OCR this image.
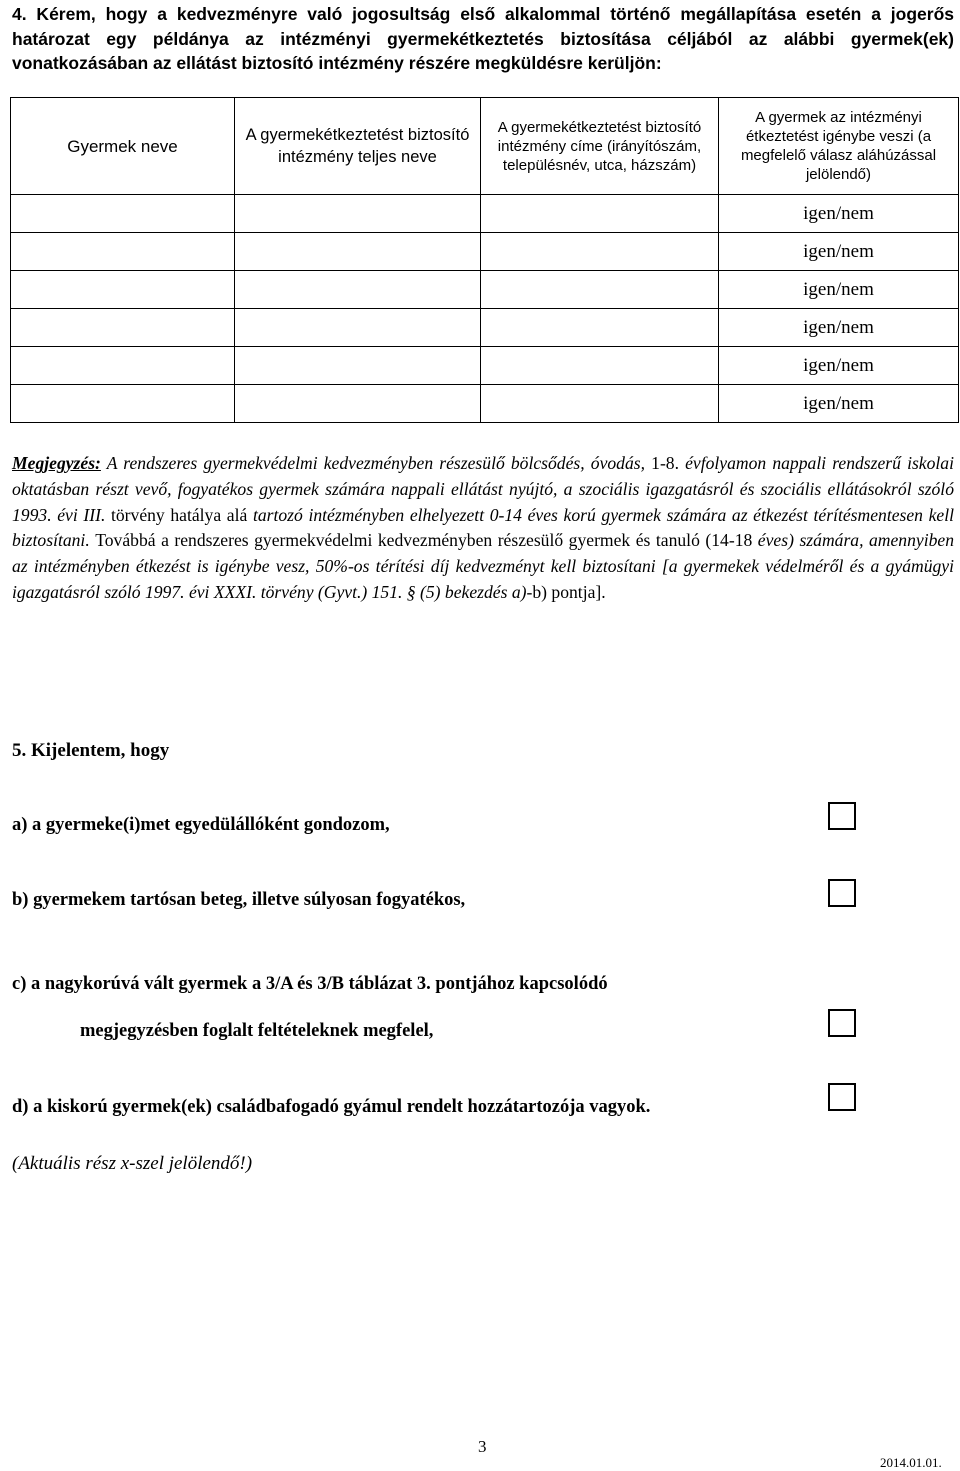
4. Kérem, hogy a kedvezményre való jogosultság első alkalommal történő megállapítása esetén a jogerős határozat egy példánya az intézményi gyermekétkeztetés biztosítása céljából az alábbi gyermek(ek) vonatkozásában az ellátást biztosító intézmény részére megküldésre kerüljön:
Gyermek neve	A gyermekétkeztetést biztosító intézmény teljes neve	A gyermekétkeztetést biztosító intézmény címe (irányítószám, településnév, utca, házszám)	A gyermek az intézményi étkeztetést igénybe veszi (a megfelelő válasz aláhúzással jelölendő)
			igen/nem
			igen/nem
			igen/nem
			igen/nem
			igen/nem
			igen/nem
Megjegyzés: A rendszeres gyermekvédelmi kedvezményben részesülő bölcsődés, óvodás, 1-8. évfolyamon nappali rendszerű iskolai oktatásban részt vevő, fogyatékos gyermek számára nappali ellátást nyújtó, a szociális igazgatásról és szociális ellátásokról szóló 1993. évi III. törvény hatálya alá tartozó intézményben elhelyezett 0-14 éves korú gyermek számára az étkezést térítésmentesen kell biztosítani. Továbbá a rendszeres gyermekvédelmi kedvezményben részesülő gyermek és tanuló (14-18 éves) számára, amennyiben az intézményben étkezést is igénybe vesz, 50%-os térítési díj kedvezményt kell biztosítani [a gyermekek védelméről és a gyámügyi igazgatásról szóló 1997. évi XXXI. törvény (Gyvt.) 151. § (5) bekezdés a)-b) pontja].
5. Kijelentem, hogy
a) a gyermeke(i)met egyedülállóként gondozom,
b) gyermekem tartósan beteg, illetve súlyosan fogyatékos,
c) a nagykorúvá vált gyermek a 3/A és 3/B táblázat 3. pontjához kapcsolódó
megjegyzésben foglalt feltételeknek megfelel,
d) a kiskorú gyermek(ek) családbafogadó gyámul rendelt hozzátartozója vagyok.
(Aktuális rész x-szel jelölendő!)
3
2014.01.01.
